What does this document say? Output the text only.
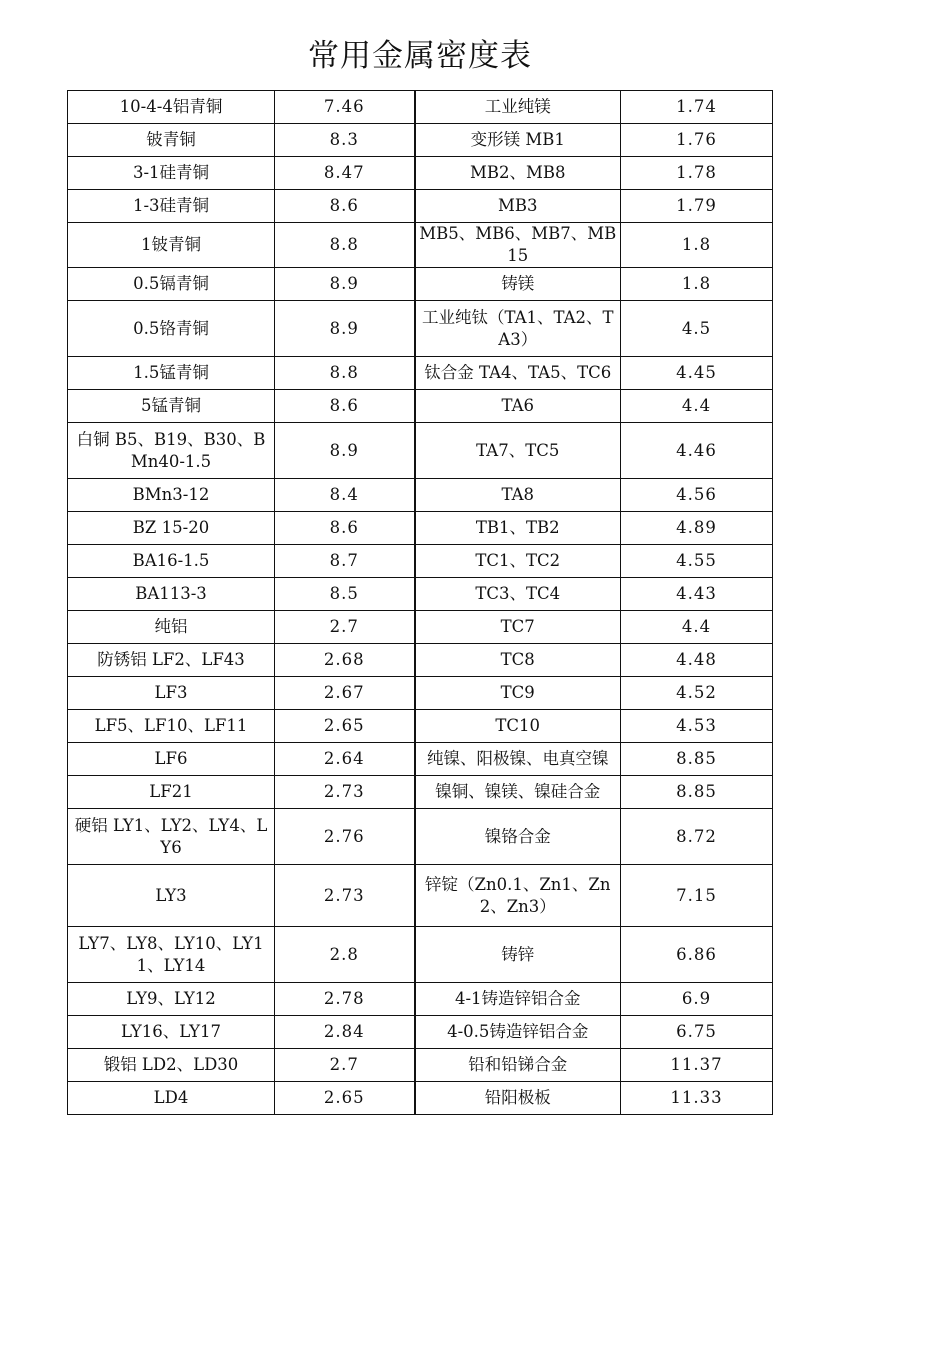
常用金属密度表
10-4-4铝青铜	7.46	工业纯镁	1.74
铍青铜	8.3	变形镁 MB1	1.76
3-1硅青铜	8.47	MB2、MB8	1.78
1-3硅青铜	8.6	MB3	1.79
1铍青铜	8.8	MB5、MB6、MB7、MB15	1.8
0.5镉青铜	8.9	铸镁	1.8
0.5铬青铜	8.9	工业纯钛（TA1、TA2、TA3）	4.5
1.5锰青铜	8.8	钛合金 TA4、TA5、TC6	4.45
5锰青铜	8.6	TA6	4.4
白铜 B5、B19、B30、BMn40-1.5	8.9	TA7、TC5	4.46
BMn3-12	8.4	TA8	4.56
BZ 15-20	8.6	TB1、TB2	4.89
BA16-1.5	8.7	TC1、TC2	4.55
BA113-3	8.5	TC3、TC4	4.43
纯铝	2.7	TC7	4.4
防锈铝 LF2、LF43	2.68	TC8	4.48
LF3	2.67	TC9	4.52
LF5、LF10、LF11	2.65	TC10	4.53
LF6	2.64	纯镍、阳极镍、电真空镍	8.85
LF21	2.73	镍铜、镍镁、镍硅合金	8.85
硬铝 LY1、LY2、LY4、LY6	2.76	镍铬合金	8.72
LY3	2.73	锌锭（Zn0.1、Zn1、Zn2、Zn3）	7.15
LY7、LY8、LY10、LY11、LY14	2.8	铸锌	6.86
LY9、LY12	2.78	4-1铸造锌铝合金	6.9
LY16、LY17	2.84	4-0.5铸造锌铝合金	6.75
锻铝 LD2、LD30	2.7	铅和铅锑合金	11.37
LD4	2.65	铅阳极板	11.33
